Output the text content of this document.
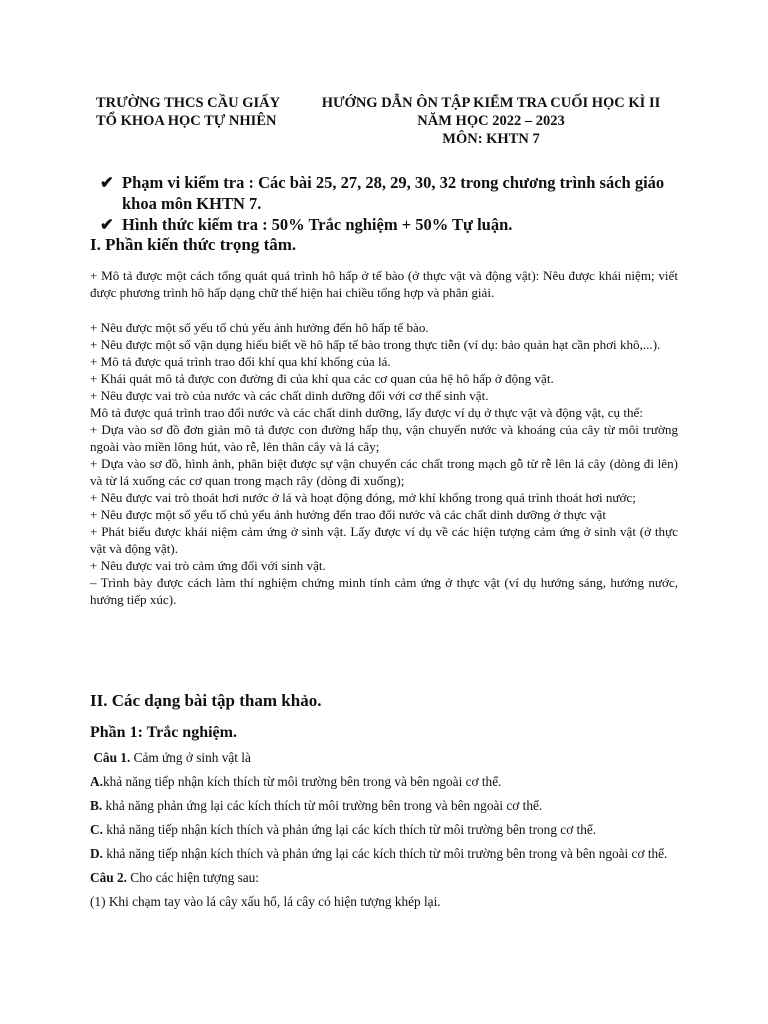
TRƯỜNG THCS CẦU GIẤY
TỔ KHOA HỌC TỰ NHIÊN
HƯỚNG DẪN ÔN TẬP KIỂM TRA CUỐI HỌC KÌ II
NĂM HỌC 2022 – 2023
MÔN: KHTN 7
✔ Phạm vi kiểm tra : Các bài 25, 27, 28, 29, 30, 32 trong chương trình sách giáo khoa môn KHTN 7.
✔ Hình thức kiểm tra : 50% Trắc nghiệm + 50% Tự luận.
I. Phần kiến thức trọng tâm.

+ Mô tả được một cách tổng quát quá trình hô hấp ở tế bào (ở thực vật và động vật): Nêu được khái niệm; viết được phương trình hô hấp dạng chữ thể hiện hai chiều tổng hợp và phân giải.

+ Nêu được một số yếu tố chủ yếu ảnh hưởng đến hô hấp tế bào.

+ Nêu được một số vận dụng hiểu biết về hô hấp tế bào trong thực tiễn (ví dụ: bảo quản hạt cần phơi khô,...).

+ Mô tả được quá trình trao đổi khí qua khí khổng của lá.

+ Khái quát mô tả được con đường đi của khí qua các cơ quan của hệ hô hấp ở động vật.

+ Nêu được vai trò của nước và các chất dinh dưỡng đối với cơ thể sinh vật.

Mô tả được quá trình trao đổi nước và các chất dinh dưỡng, lấy được ví dụ ở thực vật và động vật, cụ thể:

+ Dựa vào sơ đồ đơn giản mô tả được con đường hấp thụ, vận chuyển nước và khoáng của cây từ môi trường ngoài vào miền lông hút, vào rễ, lên thân cây và lá cây;

+ Dựa vào sơ đồ, hình ảnh, phân biệt được sự vận chuyển các chất trong mạch gỗ từ rễ lên lá cây (dòng đi lên) và từ lá xuống các cơ quan trong mạch rây (dòng đi xuống);

+ Nêu được vai trò thoát hơi nước ở lá và hoạt động đóng, mở khí khổng trong quá trình thoát hơi nước;

+ Nêu được một số yếu tố chủ yếu ảnh hưởng đến trao đổi nước và các chất dinh dưỡng ở thực vật

+ Phát biểu được khái niệm cảm ứng ở sinh vật. Lấy được ví dụ về các hiện tượng cảm ứng ở sinh vật (ở thực vật và động vật).

+ Nêu được vai trò cảm ứng đối với sinh vật.

– Trình bày được cách làm thí nghiệm chứng minh tính cảm ứng ở thực vật (ví dụ hướng sáng, hướng nước, hướng tiếp xúc).

II. Các dạng bài tập tham khảo.
Phần 1: Trắc nghiệm.

Câu 1. Cảm ứng ở sinh vật là

A.khả năng tiếp nhận kích thích từ môi trường bên trong và bên ngoài cơ thể.

B. khả năng phản ứng lại các kích thích từ môi trường bên trong và bên ngoài cơ thể.

C. khả năng tiếp nhận kích thích và phản ứng lại các kích thích từ môi trường bên trong cơ thể.

D. khả năng tiếp nhận kích thích và phản ứng lại các kích thích từ môi trường bên trong và bên ngoài cơ thể.

Câu 2. Cho các hiện tượng sau:

(1) Khi chạm tay vào lá cây xấu hổ, lá cây có hiện tượng khép lại.
